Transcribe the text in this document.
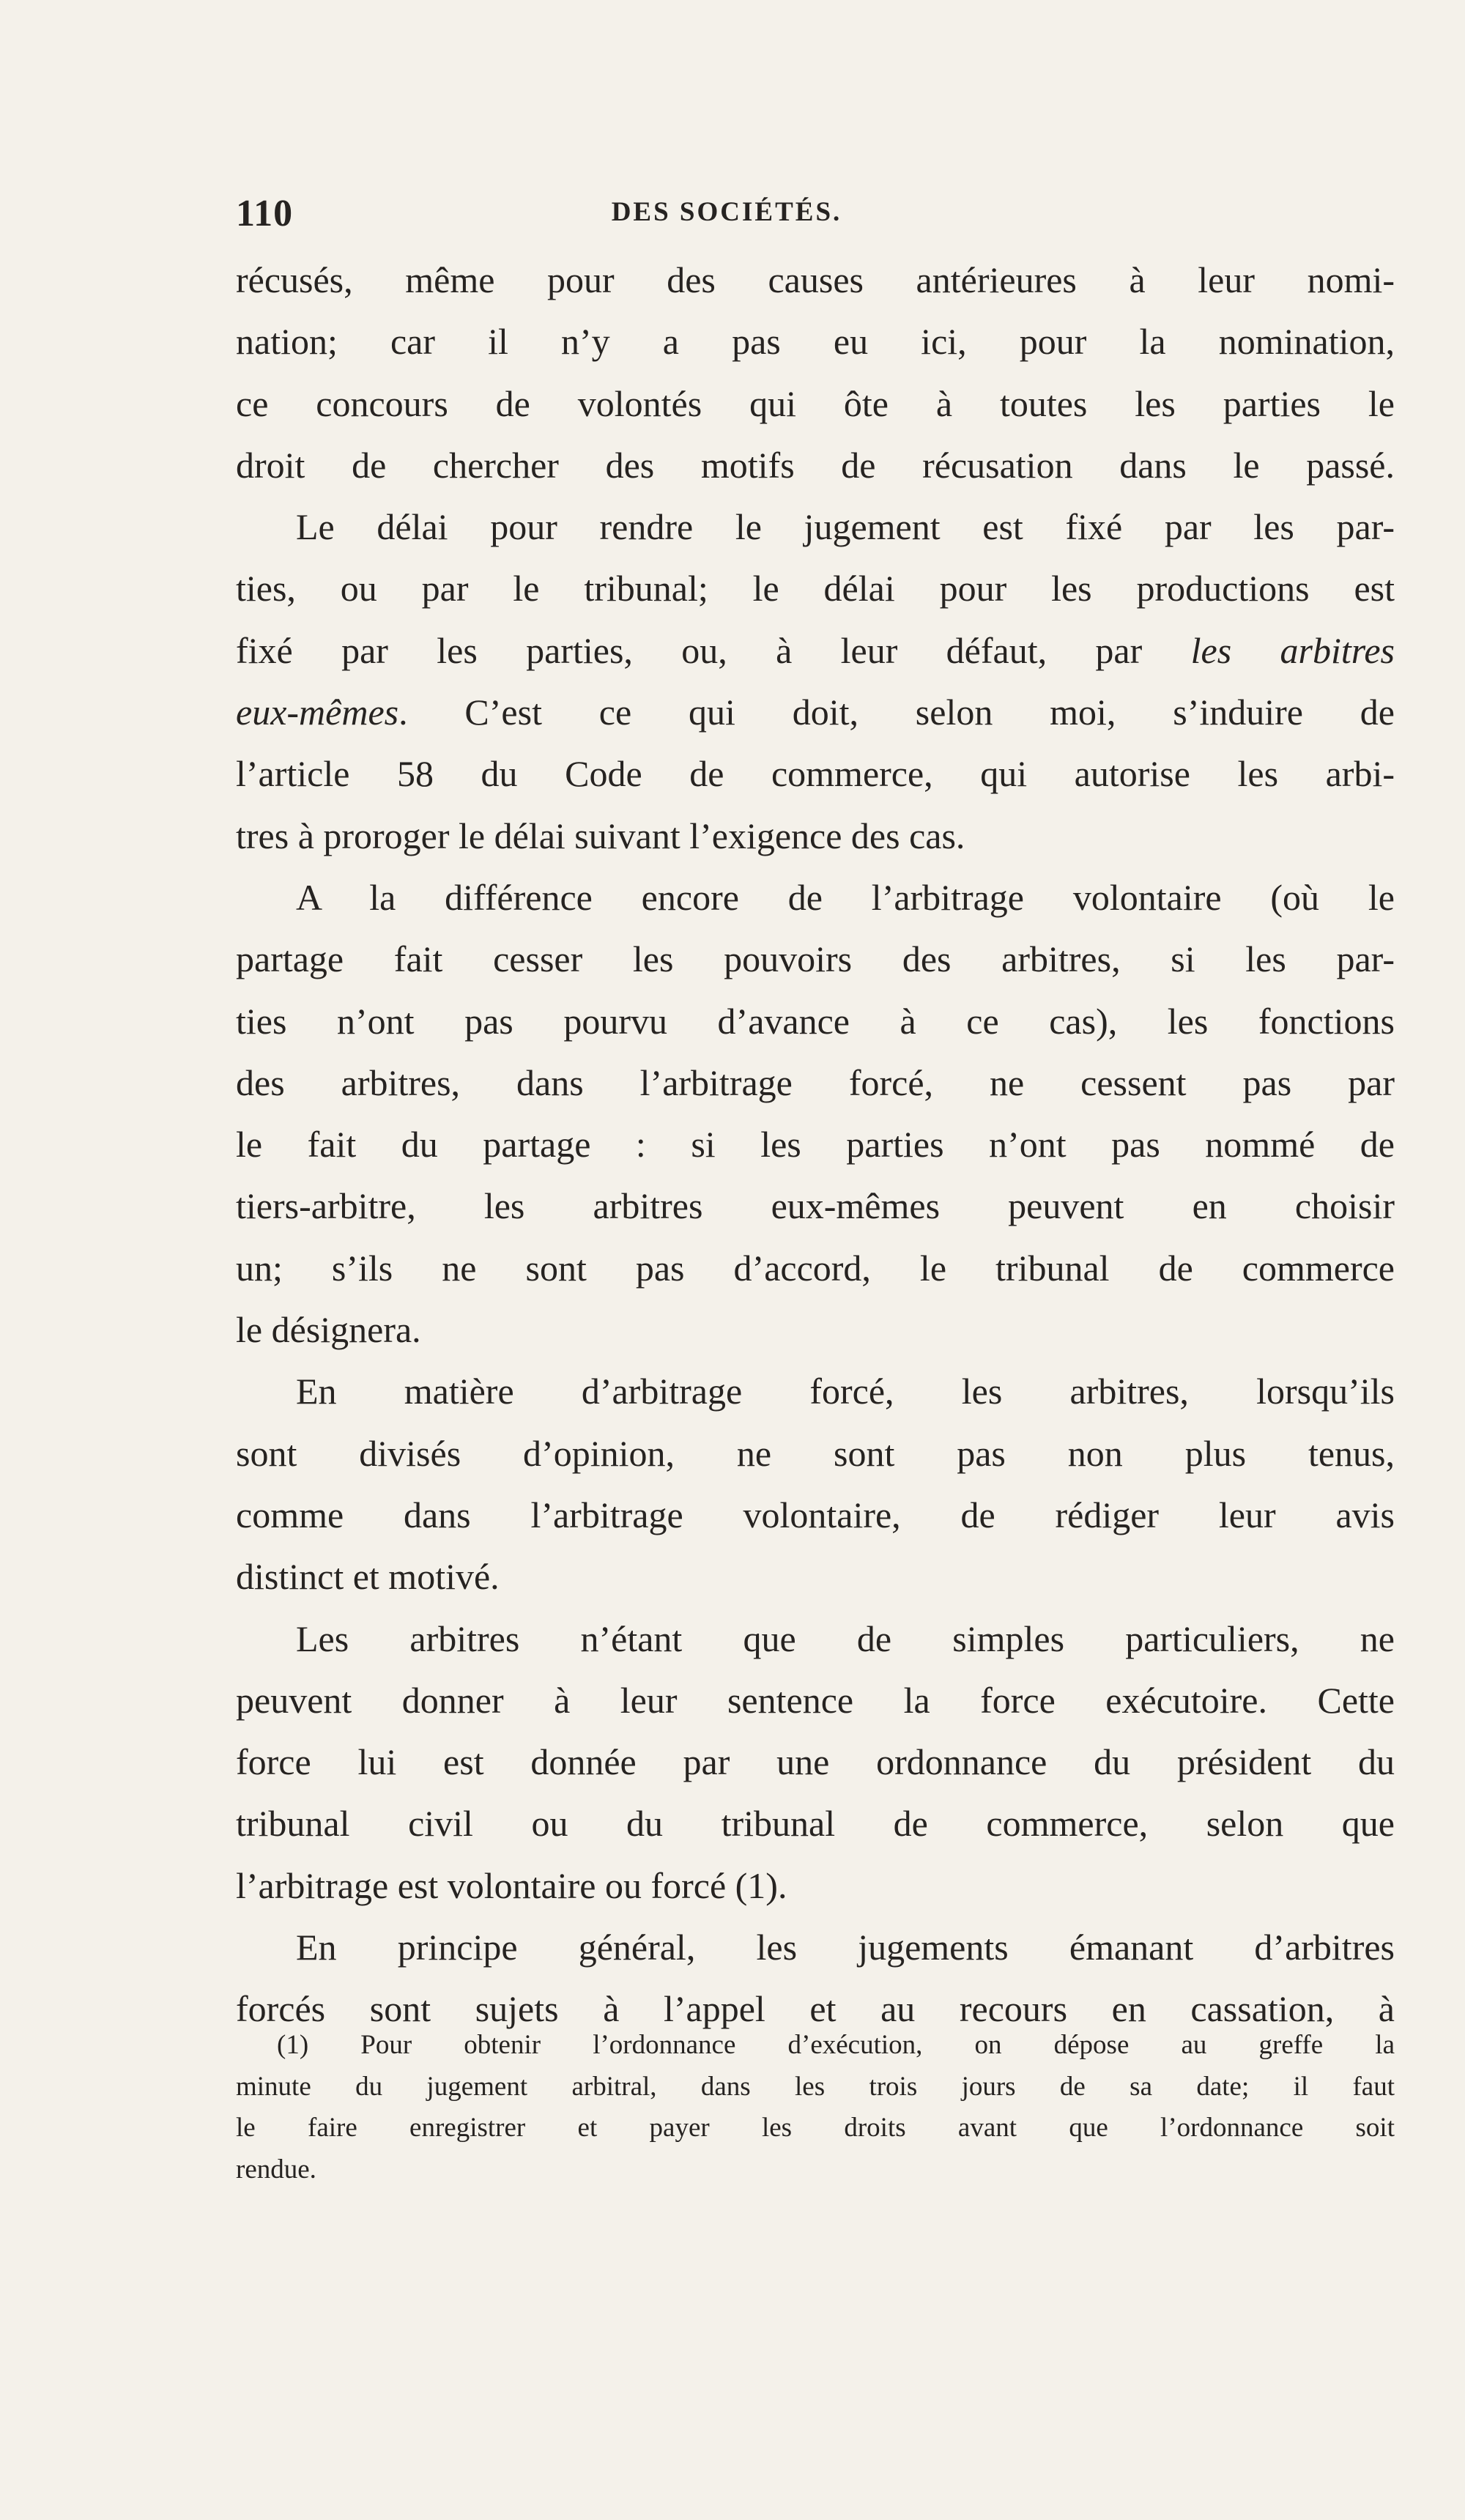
110	DES SOCIÉTÉS.
récusés, même pour des causes antérieures à leur nomi-
nation; car il n’y a pas eu ici, pour la nomination,
ce concours de volontés qui ôte à toutes les parties le
droit de chercher des motifs de récusation dans le passé.
Le délai pour rendre le jugement est fixé par les par-
ties, ou par le tribunal; le délai pour les productions est
fixé par les parties, ou, à leur défaut, par les arbitres
eux-mêmes. C’est ce qui doit, selon moi, s’induire de
l’article 58 du Code de commerce, qui autorise les arbi-
tres à proroger le délai suivant l’exigence des cas.
A la différence encore de l’arbitrage volontaire (où le
partage fait cesser les pouvoirs des arbitres, si les par-
ties n’ont pas pourvu d’avance à ce cas), les fonctions
des arbitres, dans l’arbitrage forcé, ne cessent pas par
le fait du partage : si les parties n’ont pas nommé de
tiers-arbitre, les arbitres eux-mêmes peuvent en choisir
un; s’ils ne sont pas d’accord, le tribunal de commerce
le désignera.
En matière d’arbitrage forcé, les arbitres, lorsqu’ils
sont divisés d’opinion, ne sont pas non plus tenus,
comme dans l’arbitrage volontaire, de rédiger leur avis
distinct et motivé.
Les arbitres n’étant que de simples particuliers, ne
peuvent donner à leur sentence la force exécutoire. Cette
force lui est donnée par une ordonnance du président du
tribunal civil ou du tribunal de commerce, selon que
l’arbitrage est volontaire ou forcé (1).
En principe général, les jugements émanant d’arbitres
forcés sont sujets à l’appel et au recours en cassation, à
(1) Pour obtenir l’ordonnance d’exécution, on dépose au greffe la
minute du jugement arbitral, dans les trois jours de sa date; il faut
le faire enregistrer et payer les droits avant que l’ordonnance soit
rendue.
